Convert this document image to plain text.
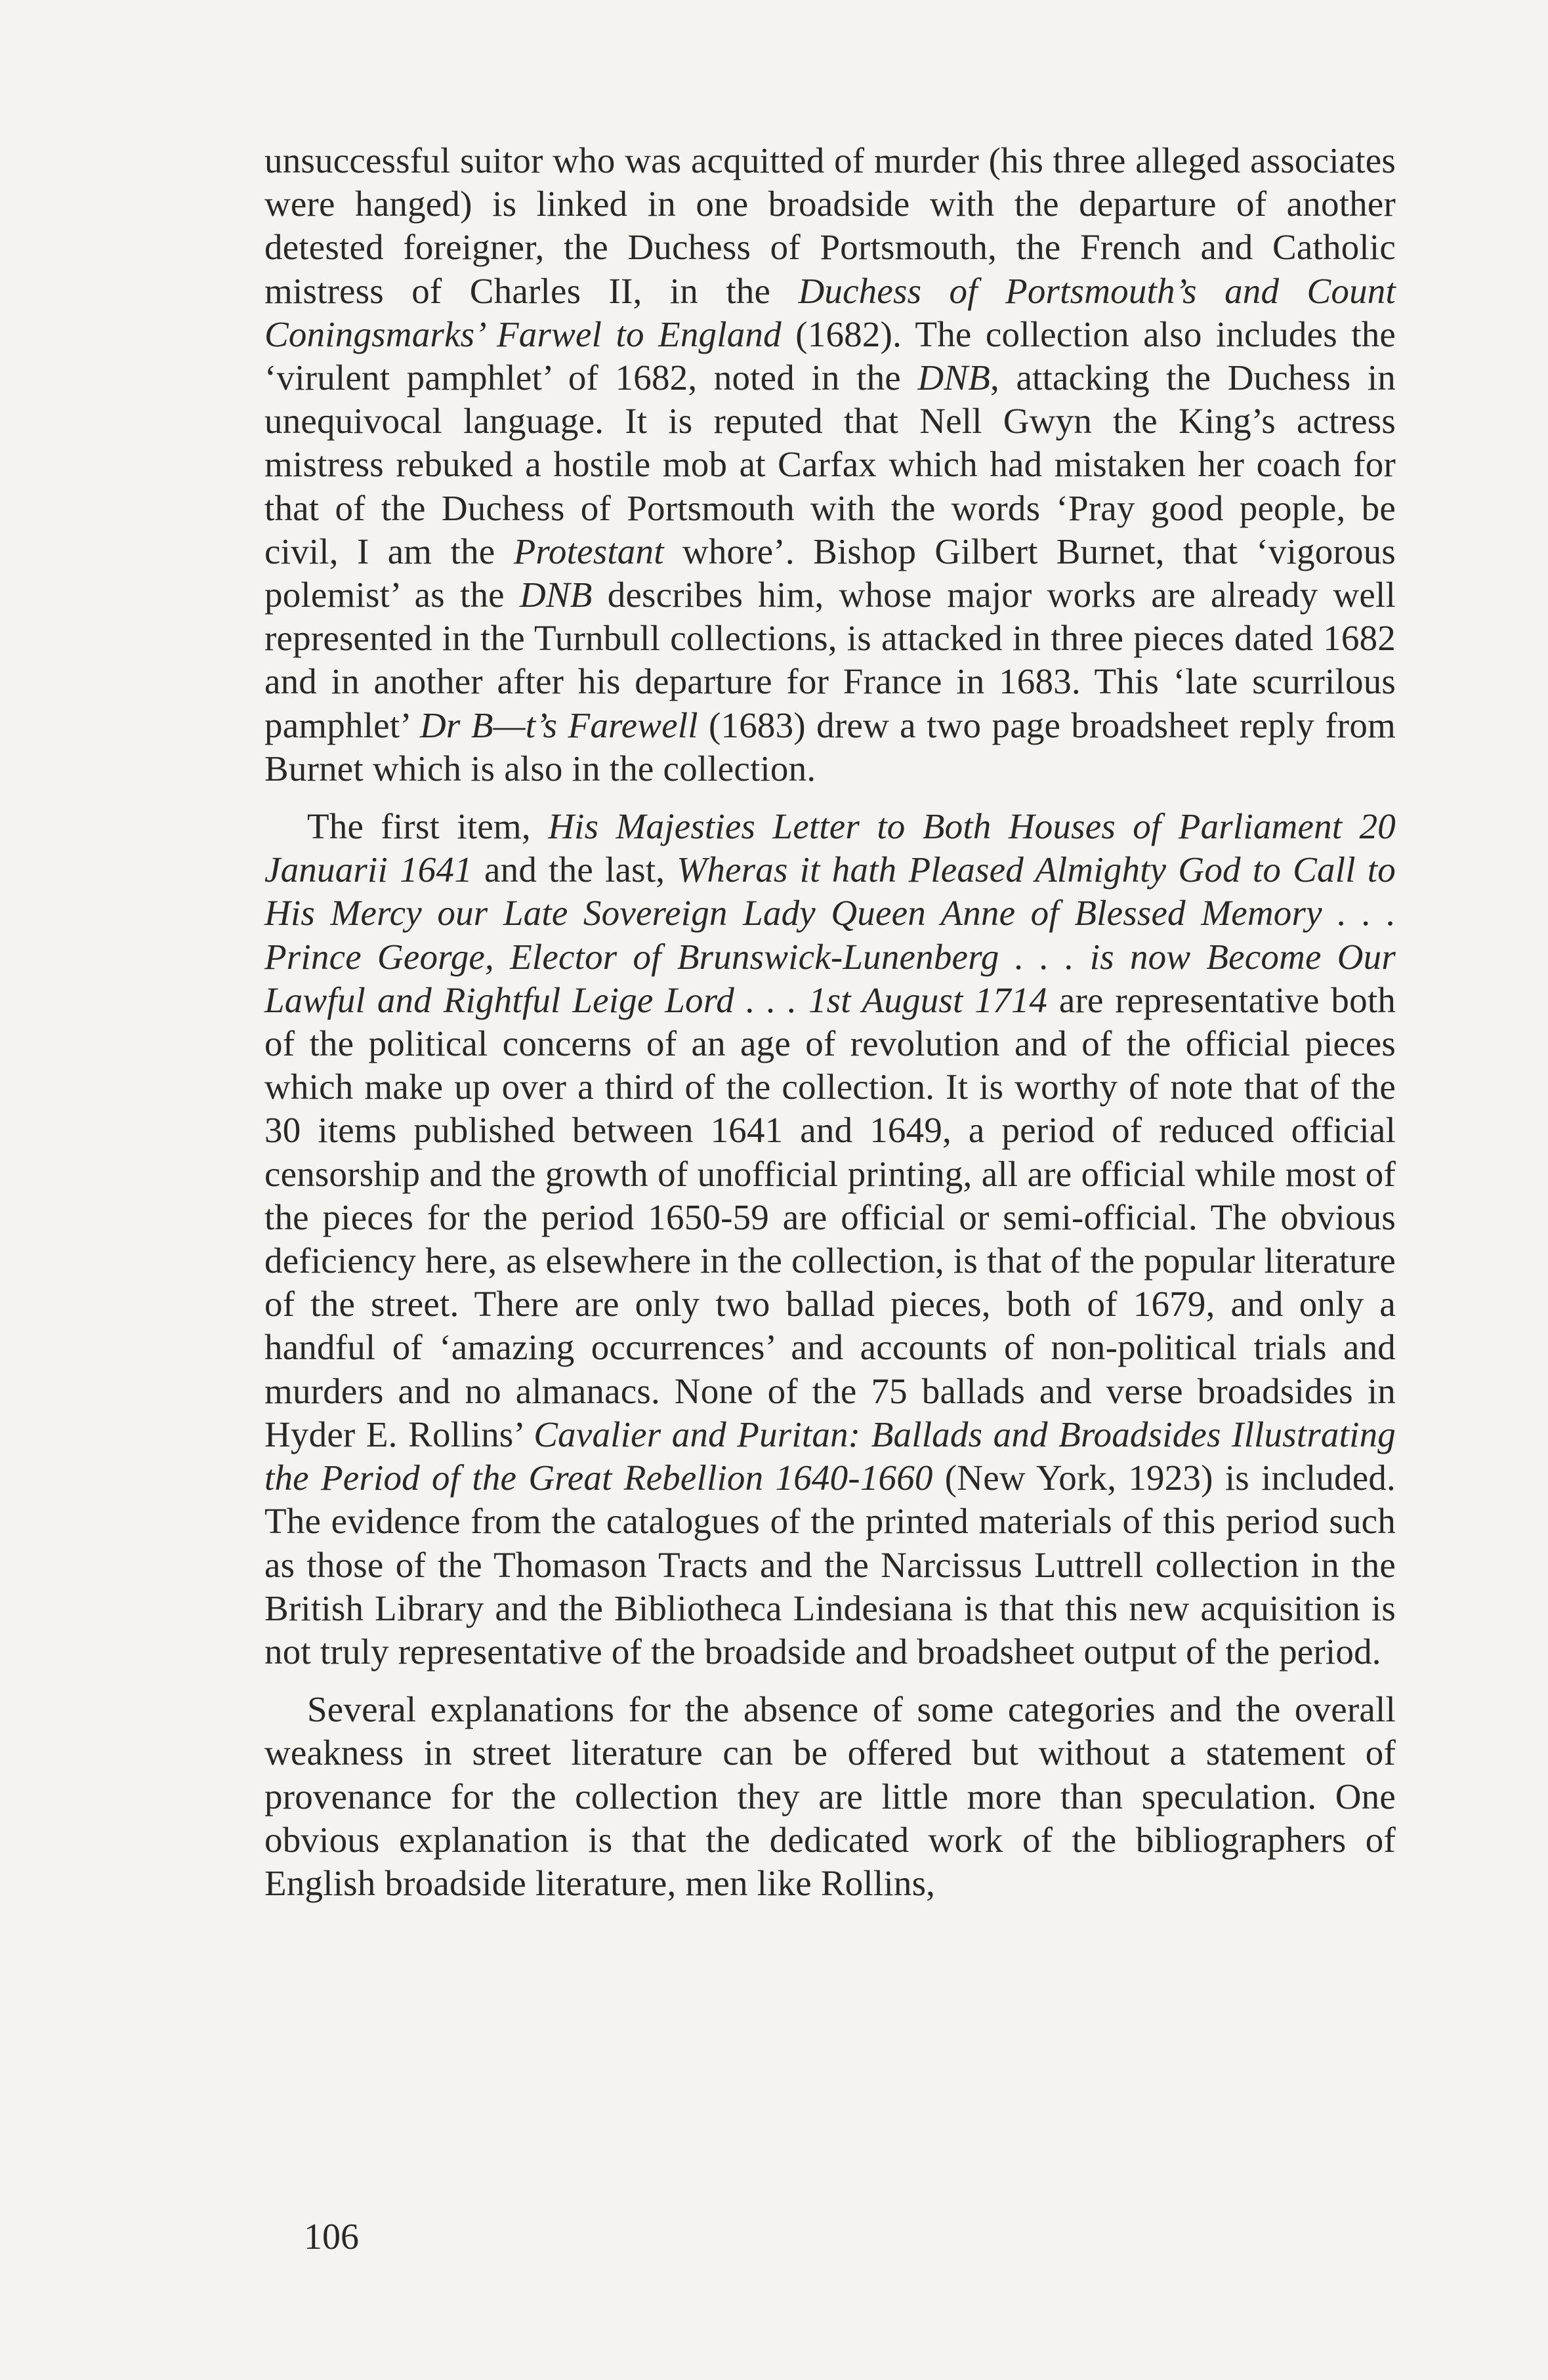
unsuccessful suitor who was acquitted of murder (his three alleged associates were hanged) is linked in one broadside with the departure of another detested foreigner, the Duchess of Portsmouth, the French and Catholic mistress of Charles II, in the Duchess of Portsmouth’s and Count Coningsmarks’ Farwel to England (1682). The collection also includes the ‘virulent pamphlet’ of 1682, noted in the DNB, attacking the Duchess in unequivocal language. It is reputed that Nell Gwyn the King’s actress mistress rebuked a hostile mob at Carfax which had mistaken her coach for that of the Duchess of Portsmouth with the words ‘Pray good people, be civil, I am the Protestant whore’. Bishop Gilbert Burnet, that ‘vigorous polemist’ as the DNB describes him, whose major works are already well represented in the Turnbull collections, is attacked in three pieces dated 1682 and in another after his departure for France in 1683. This ‘late scurrilous pamphlet’ Dr B—t’s Farewell (1683) drew a two page broadsheet reply from Burnet which is also in the collection.

The first item, His Majesties Letter to Both Houses of Parliament 20 Januarii 1641 and the last, Wheras it hath Pleased Almighty God to Call to His Mercy our Late Sovereign Lady Queen Anne of Blessed Memory . . . Prince George, Elector of Brunswick-Lunenberg . . . is now Become Our Lawful and Rightful Leige Lord . . . 1st August 1714 are representative both of the political concerns of an age of revolution and of the official pieces which make up over a third of the collection. It is worthy of note that of the 30 items published between 1641 and 1649, a period of reduced official censorship and the growth of unofficial printing, all are official while most of the pieces for the period 1650-59 are official or semi-official. The obvious deficiency here, as elsewhere in the collection, is that of the popular literature of the street. There are only two ballad pieces, both of 1679, and only a handful of ‘amazing occurrences’ and accounts of non-political trials and murders and no almanacs. None of the 75 ballads and verse broadsides in Hyder E. Rollins’ Cavalier and Puritan: Ballads and Broadsides Illustrating the Period of the Great Rebellion 1640-1660 (New York, 1923) is included. The evidence from the catalogues of the printed materials of this period such as those of the Thomason Tracts and the Narcissus Luttrell collection in the British Library and the Bibliotheca Lindesiana is that this new acquisition is not truly representative of the broadside and broadsheet output of the period.

Several explanations for the absence of some categories and the overall weakness in street literature can be offered but without a statement of provenance for the collection they are little more than speculation. One obvious explanation is that the dedicated work of the bibliographers of English broadside literature, men like Rollins,

106
